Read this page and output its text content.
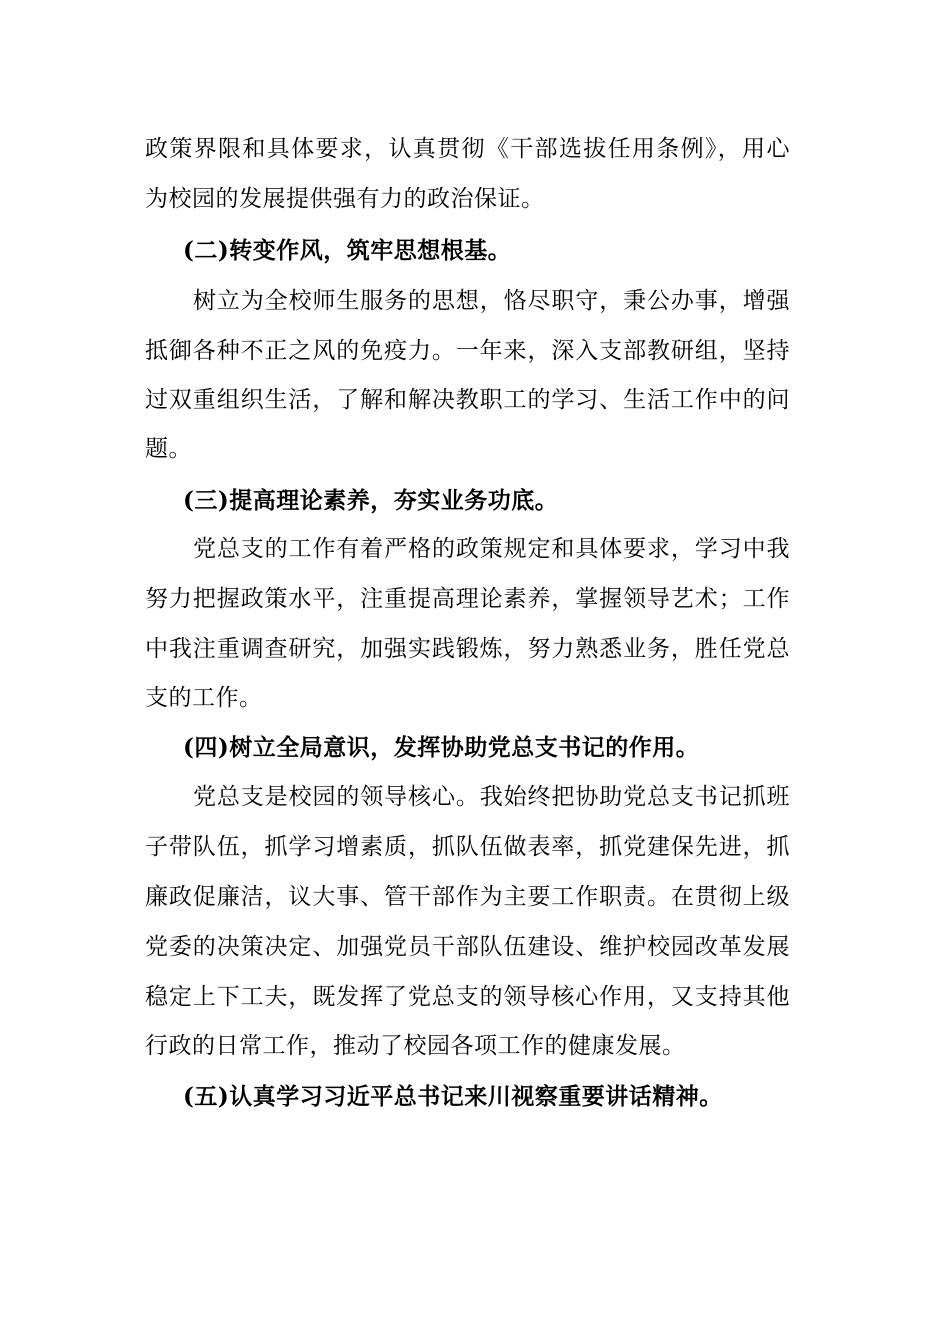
政策界限和具体要求，认真贯彻《干部选拔任用条例》，用心
为校园的发展提供强有力的政治保证。
(二)转变作风，筑牢思想根基。
树立为全校师生服务的思想，恪尽职守，秉公办事，增强
抵御各种不正之风的免疫力。一年来，深入支部教研组，坚持
过双重组织生活，了解和解决教职工的学习、生活工作中的问
题。
(三)提高理论素养，夯实业务功底。
党总支的工作有着严格的政策规定和具体要求，学习中我
努力把握政策水平，注重提高理论素养，掌握领导艺术；工作
中我注重调查研究，加强实践锻炼，努力熟悉业务，胜任党总
支的工作。
(四)树立全局意识，发挥协助党总支书记的作用。
党总支是校园的领导核心。我始终把协助党总支书记抓班
子带队伍，抓学习增素质，抓队伍做表率，抓党建保先进，抓
廉政促廉洁，议大事、管干部作为主要工作职责。在贯彻上级
党委的决策决定、加强党员干部队伍建设、维护校园改革发展
稳定上下工夫，既发挥了党总支的领导核心作用，又支持其他
行政的日常工作，推动了校园各项工作的健康发展。
(五)认真学习习近平总书记来川视察重要讲话精神。
